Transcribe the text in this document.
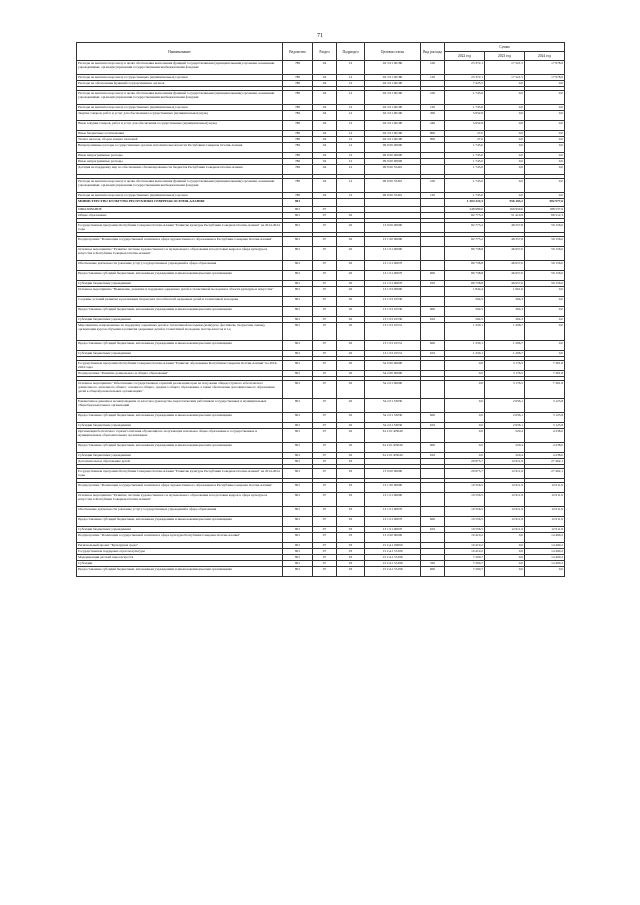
71
Наименование	Ведомство	Раздел	Подраздел	Целевая статья	Вид расхода	Сумма		
						2022 год	2023 год	2024 год
Расходы на выплаты персоналу в целях обеспечения выполнения функций государственными (муниципальными) органами, казенными учреждениями, органами управления государственными внебюджетными фондами	786	04	12	04 3 01 00180	100	23 372,1	17 521,5	17 978,6
Расходы на выплаты персоналу государственных (муниципальных) органов	786	04	12	04 3 01 00180	120	23 372,1	17 521,5	17 978,6
Расходы на обеспечение функций государственных органов	786	04	12	04 3 01 00190		7 425,5	0,0	0,0

Расходы на выплаты персоналу в целях обеспечения выполнения функций государственными (муниципальными) органами, казенными учреждениями, органами управления государственными внебюджетными фондами	786	04	12	04 3 01 00190	100	1 745,6	0,0	0,0
Расходы на выплаты персоналу государственных (муниципальных) органов	786	04	12	04 3 01 00190	120	1 745,6	0,0	0,0
Закупка товаров, работ и услуг для обеспечения государственных (муниципальных) нужд	786	04	12	04 3 01 00190	200	5 652,9	0,0	0,0
Иные закупки товаров, работ и услуг для обеспечения государственных (муниципальных) нужд	786	04	12	04 3 01 00190	240	5 652,9	0,0	0,0
Иные бюджетные ассигнования	786	04	12	04 3 01 00190	800	27,0	0,0	0,0
Уплата налогов, сборов и иных платежей	786	04	12	04 3 01 00190	850	27,0	0,0	0,0
Непрограммные расходы государственных органов исполнительной власти Республики Северная Осетия-Алания	786	04	12	99 9 00 00000		1 745,0	0,0	0,0
Иные непрограммные расходы	786	04	12	99 9 00 00000		1 745,0	0,0	0,0
Иные непрограммные расходы	786	04	12	99 9 00 00000		1 745,0	0,0	0,0
Дотация на поддержку мер по обеспечению сбалансированности бюджетов Республики Северная Осетия-Алания	786	04	12	99 9 00 55491		1 745,0	0,0	0,0

Расходы на выплаты персоналу в целях обеспечения выполнения функций государственными (муниципальными) органами, казенными учреждениями, органами управления государственными внебюджетными фондами	786	04	12	99 9 00 55491	100	1 745,0	0,0	0,0
Расходы на выплаты персоналу государственных (муниципальных) органов	786	04	12	99 9 00 55491	120	1 745,0	0,0	0,0
МИНИСТЕРСТВО КУЛЬТУРЫ РЕСПУБЛИКИ СЕВЕРНАЯ ОСЕТИЯ-АЛАНИЯ	801					1 304 322,3	556 103,2	582 977,6
ОБРАЗОВАНИЕ	801	07				248 089,0	169 950,0	188 537,9
Общее образование	801	07	02			82 773,2	51 419,9	66 512,3

Государственная программа Республики Северная Осетия-Алания "Развитие культуры Республики Северная Осетия-Алания" на 2014-2024 годы	801	07	02	13 0 00 00000		82 773,2	48 257,8	59 156,0

Подпрограмма "Реализация государственной политики в сфере художественного образования в Республике Северная Осетия-Алания"	801	07	02	13 1 00 00000		82 773,2	48 257,8	59 156,0
Основное мероприятие "Развитие системы художественного и музыкального образования и подготовки кадров в сфере культуры и искусства в Республике Северная Осетия-Алания"	801	07	02	13 1 01 00000		80 738,8	46 657,0	59 156,0
Обеспечение деятельности (оказание услуг) государственных учреждений в сфере образования	801	07	02	13 1 01 00670		80 738,8	46 657,0	59 156,0
Предоставление субсидий бюджетным, автономным учреждениям и иным некоммерческим организациям	801	07	02	13 1 01 00670	600	80 738,8	46 657,0	59 156,0
Субсидии бюджетным учреждениям	801	07	02	13 1 01 00670	610	80 738,8	46 657,0	59 156,0
Основное мероприятие "Выявление, развитие и поддержка одаренных детей и талантливой молодежи в области культуры и искусства"	801	07	02	13 1 03 00000		1 844,4	1 601,0	0,0
Создание условий развития и реализации творческих способностей одаренных детей и талантливой молодежи	801	07	02	13 1 03 10530		594,5	394,3	0,0
Предоставление субсидий бюджетным, автономным учреждениям и иным некоммерческим организациям	801	07	02	13 1 03 10530	600	594,5	394,3	0,0
Субсидии бюджетным учреждениям	801	07	02	13 1 03 10530	610	594,5	394,3	0,0
Мероприятия, направленные на поддержку одаренных детей и талантливой молодежи (конкурсы, фестивали, творческие смены), организация курсов обучения и развития одаренных детей и талантливой молодежи, мастер-классов и т.д.	801	07	02	13 1 03 10531		1 250,1	1 206,7	0,0
Предоставление субсидий бюджетным, автономным учреждениям и иным некоммерческим организациям	801	07	02	13 1 03 10531	600	1 250,1	1 206,7	0,0
Субсидии бюджетным учреждениям	801	07	02	13 1 03 10531	610	1 250,1	1 206,7	0,0

Государственная программа Республики Северная Осетия-Алания "Развитие образования Республики Северная Осетия-Алания" на 2016-2024 годы	801	07	02	34 0 00 00000		0,0	3 176,5	7 361,8
Подпрограмма "Развитие дошкольного и общего образования"	801	07	02	34 2 00 00000		0,0	3 176,5	7 361,8

Основное мероприятие "Обеспечение государственных гарантий реализации прав на получение общедоступного и бесплатного дошкольного, начального общего, основного общего, среднего общего образования, а также обеспечение дополнительного образования детей в общеобразовательных организациях"	801	07	02	34 2 01 00000		0,0	3 176,5	7 361,8
Ежемесячное денежное вознаграждение за классное руководство педагогическим работникам государственных и муниципальных общеобразовательных организаций	801	07	02	34 2 01 53030		0,0	2 656,1	3 123,8
Предоставление субсидий бюджетным, автономным учреждениям и иным некоммерческим организациям	801	07	02	34 2 01 53030	600	0,0	2 656,1	3 123,8
Субсидии бюджетным учреждениям	801	07	02	34 2 01 53030	610	0,0	2 656,1	3 123,8
Организация бесплатного горячего питания обучающихся, получающих начальное общее образование в государственных и муниципальных образовательных организациях	801	07	02	34 2 01 R3040		0,0	520,4	4 238,0
Предоставление субсидий бюджетным, автономным учреждениям и иным некоммерческим организациям	801	07	02	34 2 01 R3040	600	0,0	520,4	4 238,0
Субсидии бюджетным учреждениям	801	07	02	34 2 01 R3040	610	0,0	520,4	4 238,0
Дополнительное образование детей	801	07	03			20 975,7	12 911,9	27 402,1

Государственная программа Республики Северная Осетия-Алания "Развитие культуры Республики Северная Осетия-Алания" на 2014-2024 годы	801	07	03	13 0 00 00000		20 975,7	12 911,9	27 402,1

Подпрограмма "Реализация государственной политики в сфере художественного образования в Республике Северная Осетия-Алания"	801	07	03	13 1 00 00000		10 556,5	12 911,9	12 911,9
Основное мероприятие "Развитие системы художественного и музыкального образования и подготовки кадров в сфере культуры и искусства в Республике Северная Осетия-Алания"	801	07	03	13 1 01 00000		10 556,5	12 911,9	12 911,9
Обеспечение деятельности (оказание услуг) государственных учреждений в сфере образования	801	07	03	13 1 01 00670		10 556,5	12 911,9	12 911,9
Предоставление субсидий бюджетным, автономным учреждениям и иным некоммерческим организациям	801	07	03	13 1 01 00670	600	10 556,5	12 911,9	12 911,9
Субсидии бюджетным учреждениям	801	07	03	13 1 01 00670	610	10 556,5	12 911,9	12 911,9
Подпрограмма "Реализация государственной политики в сфере культуры Республики Северная Осетия-Алания"	801	07	03	13 2 00 00000		10 419,2	0,0	14 490,2
Региональный проект "Культурная среда"	801	07	03	13 2 A1 00000		10 419,2	0,0	14 490,2
Государственная поддержка отрасли культуры	801	07	03	13 2 A1 55190		10 419,2	0,0	14 490,2
Модернизация детских школ искусств	801	07	03	13 2 A1 55196		7 200,7	0,0	14 490,2
Субсидии	801	07	03	13 2 A1 55196	520	7 200,7	0,0	14 490,2
Предоставление субсидий бюджетным, автономным учреждениям и иным некоммерческим организациям	801	07	03	13 2 A1 55196	600	7 200,7	0,0	0,0
